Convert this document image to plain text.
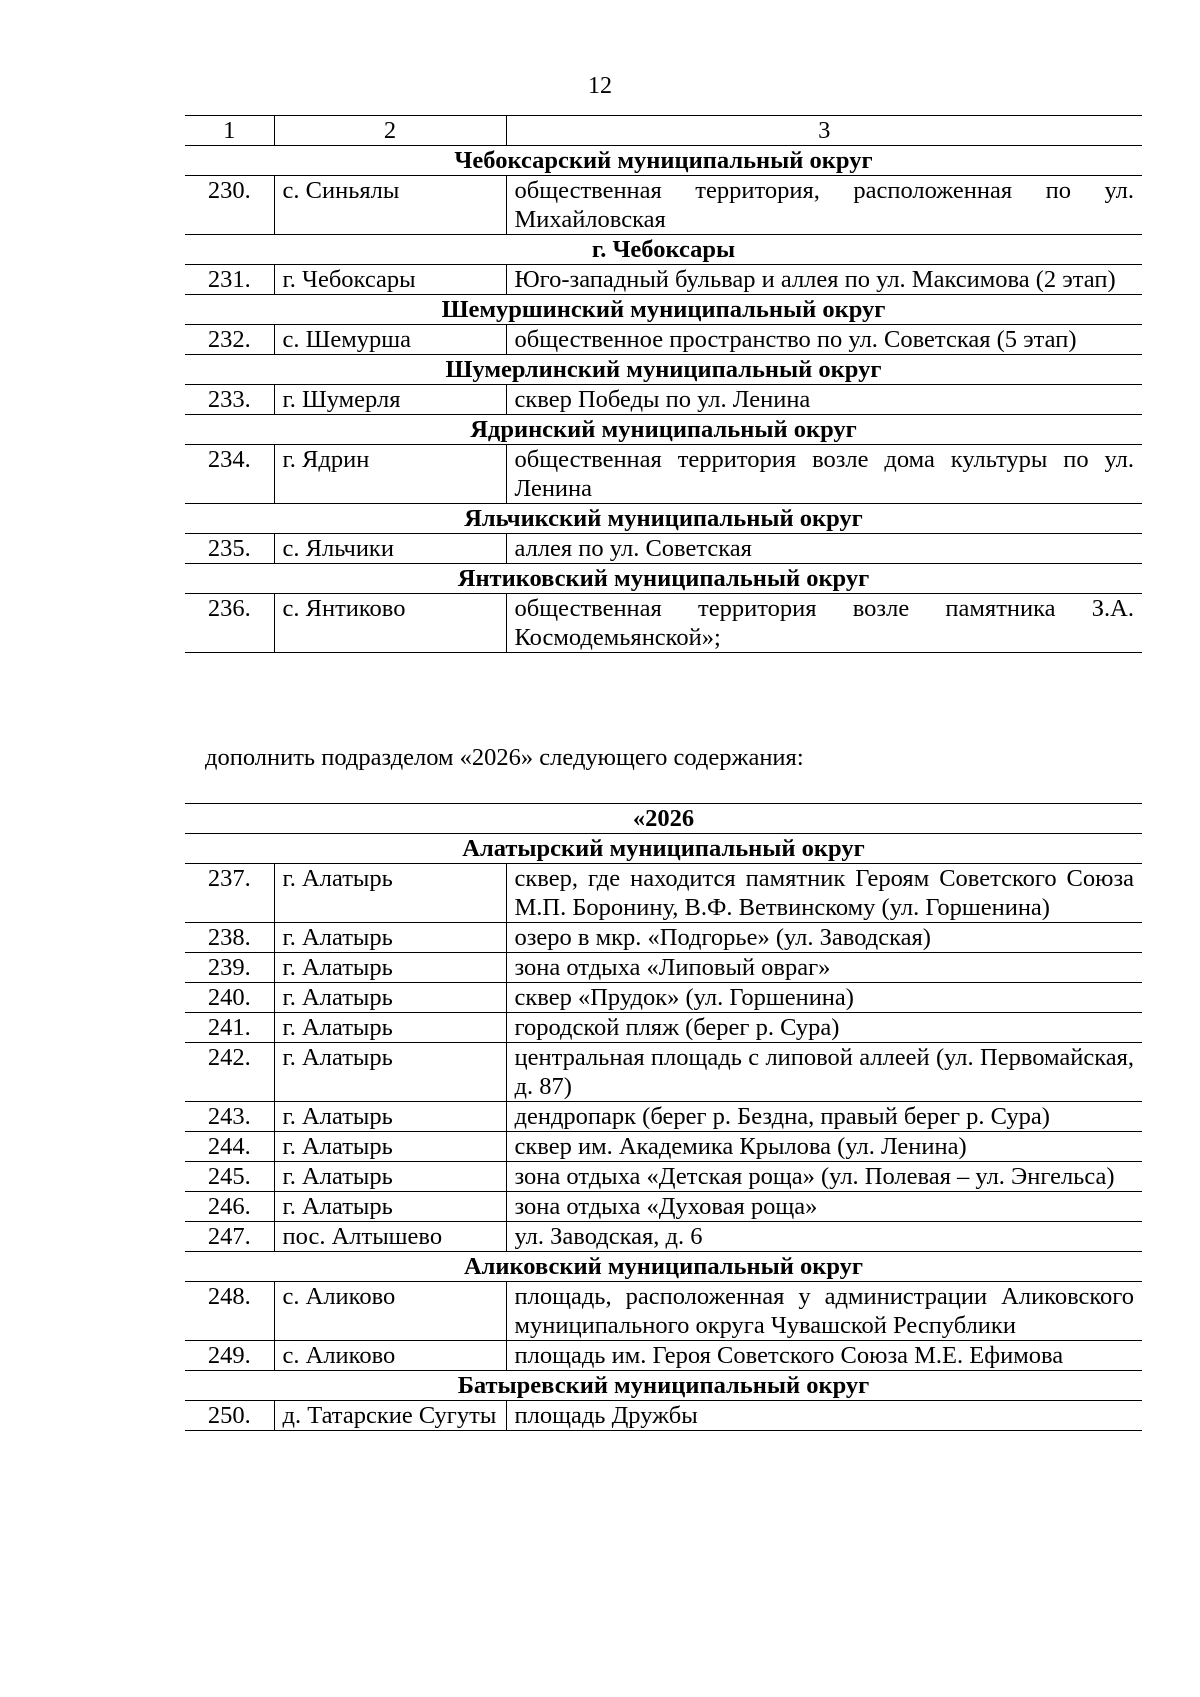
12
1	2	3
Чебоксарский муниципальный округ		
230.	с. Синьялы	общественная территория, расположенная по ул. Михайловская
г. Чебоксары		
231.	г. Чебоксары	Юго-западный бульвар и аллея по ул. Максимова (2 этап)
Шемуршинский муниципальный округ		
232.	с. Шемурша	общественное пространство по ул. Советская (5 этап)
Шумерлинский муниципальный округ		
233.	г. Шумерля	сквер Победы по ул. Ленина
Ядринский муниципальный округ		
234.	г. Ядрин	общественная территория возле дома культуры по ул. Ленина
Яльчикский муниципальный округ		
235.	с. Яльчики	аллея по ул. Советская
Янтиковский муниципальный округ		
236.	с. Янтиково	общественная территория возле памятника З.А. Космодемьянской»;
дополнить подразделом «2026» следующего содержания:
«2026		
Алатырский муниципальный округ		
237.	г. Алатырь	сквер, где находится памятник Героям Советского Союза М.П. Боронину, В.Ф. Ветвинскому (ул. Горшенина)
238.	г. Алатырь	озеро в мкр. «Подгорье» (ул. Заводская)
239.	г. Алатырь	зона отдыха «Липовый овраг»
240.	г. Алатырь	сквер «Прудок» (ул. Горшенина)
241.	г. Алатырь	городской пляж (берег р. Сура)
242.	г. Алатырь	центральная площадь с липовой аллеей (ул. Первомайская, д. 87)
243.	г. Алатырь	дендропарк (берег р. Бездна, правый берег р. Сура)
244.	г. Алатырь	сквер им. Академика Крылова (ул. Ленина)
245.	г. Алатырь	зона отдыха «Детская роща» (ул. Полевая – ул. Энгельса)
246.	г. Алатырь	зона отдыха «Духовая роща»
247.	пос. Алтышево	ул. Заводская, д. 6
Аликовский муниципальный округ		
248.	с. Аликово	площадь, расположенная у администрации Аликовского муниципального округа Чувашской Республики
249.	с. Аликово	площадь им. Героя Советского Союза М.Е. Ефимова
Батыревский муниципальный округ		
250.	д. Татарские Сугуты	площадь Дружбы
